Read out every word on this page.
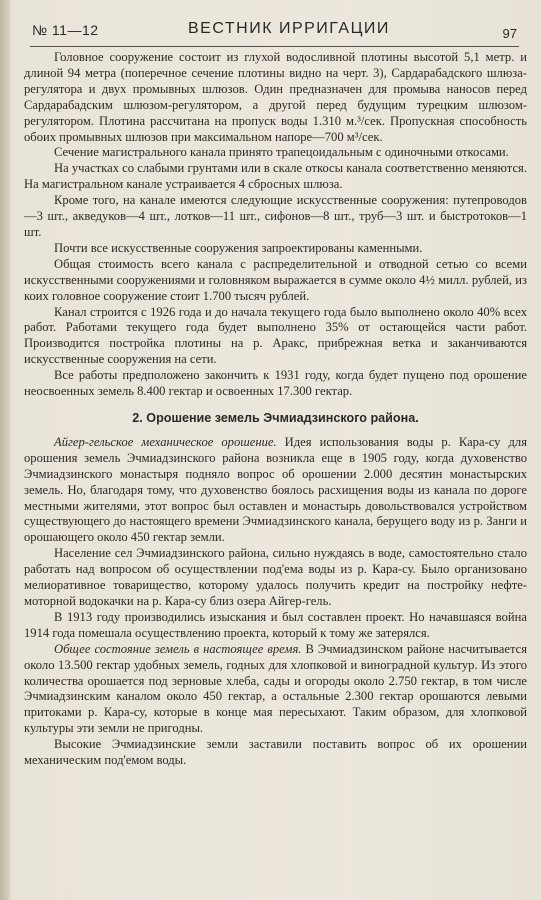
№ 11—12	ВЕСТНИК ИРРИГАЦИИ	97

Головное сооружение состоит из глухой водосливной плотины высотой 5,1 метр. и длиной 94 метра (поперечное сечение плотины видно на черт. 3), Сардарабадского шлюза-регулятора и двух промывных шлюзов. Один предназначен для промыва наносов перед Сардарабадским шлюзом-регулятором, а другой перед будущим турецким шлюзом-регулятором. Плотина рассчитана на пропуск воды 1.310 м.³/сек. Пропускная способность обоих промывных шлюзов при максимальном напоре—700 м³/сек.

Сечение магистрального канала принято трапецоидальным с одиночными откосами.

На участках со слабыми грунтами или в скале откосы канала соответственно меняются. На магистральном канале устраивается 4 сбросных шлюза.

Кроме того, на канале имеются следующие искусственные сооружения: путепроводов—3 шт., акведуков—4 шт., лотков—11 шт., сифонов—8 шт., труб—3 шт. и быстротоков—1 шт.

Почти все искусственные сооружения запроектированы каменными.

Общая стоимость всего канала с распределительной и отводной сетью со всеми искусственными сооружениями и головняком выражается в сумме около 4½ милл. рублей, из коих головное сооружение стоит 1.700 тысяч рублей.

Канал строится с 1926 года и до начала текущего года было выполнено около 40% всех работ. Работами текущего года будет выполнено 35% от остающейся части работ. Производится постройка плотины на р. Аракс, прибрежная ветка и заканчиваются искусственные сооружения на сети.

Все работы предположено закончить к 1931 году, когда будет пущено под орошение неосвоенных земель 8.400 гектар и освоенных 17.300 гектар.

2. Орошение земель Эчмиадзинского района.

Айгер-гельское механическое орошение. Идея использования воды р. Кара-су для орошения земель Эчмиадзинского района возникла еще в 1905 году, когда духовенство Эчмиадзинского монастыря подняло вопрос об орошении 2.000 десятин монастырских земель. Но, благодаря тому, что духовенство боялось расхищения воды из канала по дороге местными жителями, этот вопрос был оставлен и монастырь довольствовался устройством существующего до настоящего времени Эчмиадзинского канала, берущего воду из р. Занги и орошающего около 450 гектар земли.

Население сел Эчмиадзинского района, сильно нуждаясь в воде, самостоятельно стало работать над вопросом об осуществлении под'ема воды из р. Кара-су. Было организовано мелиоративное товарищество, которому удалось получить кредит на постройку нефте-моторной водокачки на р. Кара-су близ озера Айгер-гель.

В 1913 году производились изыскания и был составлен проект. Но начавшаяся война 1914 года помешала осуществлению проекта, который к тому же затерялся.

Общее состояние земель в настоящее время. В Эчмиадзинском районе насчитывается около 13.500 гектар удобных земель, годных для хлопковой и виноградной культур. Из этого количества орошается под зерновые хлеба, сады и огороды около 2.750 гектар, в том числе Эчмиадзинским каналом около 450 гектар, а остальные 2.300 гектар орошаются левыми притоками р. Кара-су, которые в конце мая пересыхают. Таким образом, для хлопковой культуры эти земли не пригодны.

Высокие Эчмиадзинские земли заставили поставить вопрос об их орошении механическим под'емом воды.
